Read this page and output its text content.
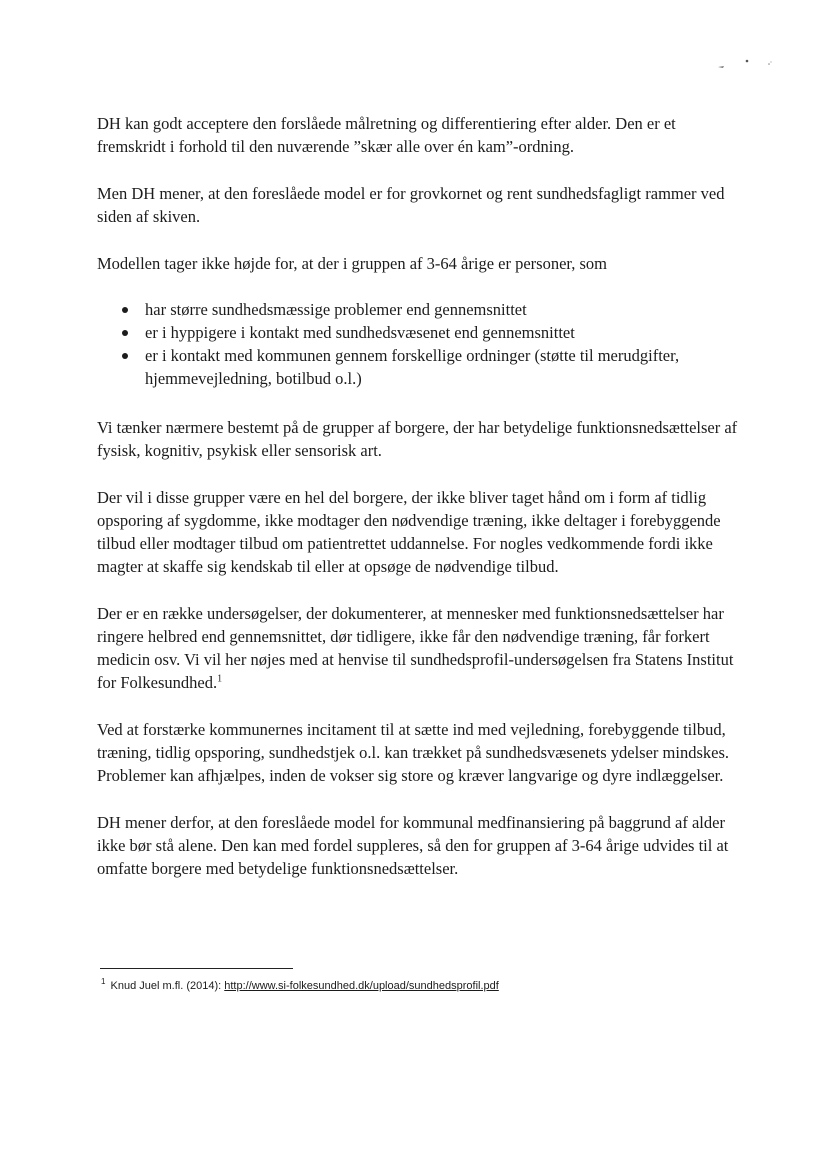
DH kan godt acceptere den forslåede målretning og differentiering efter alder. Den er et fremskridt i forhold til den nuværende ”skær alle over én kam”-ordning.

Men DH mener, at den foreslåede model er for grovkornet og rent sundhedsfagligt rammer ved siden af skiven.

Modellen tager ikke højde for, at der i gruppen af 3-64 årige er personer, som

har større sundhedsmæssige problemer end gennemsnittet
er i hyppigere i kontakt med sundhedsvæsenet end gennemsnittet
er i kontakt med kommunen gennem forskellige ordninger (støtte til merudgifter, hjemmevejledning, botilbud o.l.)

Vi tænker nærmere bestemt på de grupper af borgere, der har betydelige funktionsnedsættelser af fysisk, kognitiv, psykisk eller sensorisk art.

Der vil i disse grupper være en hel del borgere, der ikke bliver taget hånd om i form af tidlig opsporing af sygdomme, ikke modtager den nødvendige træning, ikke deltager i forebyggende tilbud eller modtager tilbud om patientrettet uddannelse. For nogles vedkommende fordi ikke magter at skaffe sig kendskab til eller at opsøge de nødvendige tilbud.

Der er en række undersøgelser, der dokumenterer, at mennesker med funktionsnedsættelser har ringere helbred end gennemsnittet, dør tidligere, ikke får den nødvendige træning, får forkert medicin osv. Vi vil her nøjes med at henvise til sundhedsprofil-undersøgelsen fra Statens Institut for Folkesundhed.$^1$

Ved at forstærke kommunernes incitament til at sætte ind med vejledning, forebyggende tilbud, træning, tidlig opsporing, sundhedstjek o.l. kan trækket på sundhedsvæsenets ydelser mindskes. Problemer kan afhjælpes, inden de vokser sig store og kræver langvarige og dyre indlæggelser.

DH mener derfor, at den foreslåede model for kommunal medfinansiering på baggrund af alder ikke bør stå alene. Den kan med fordel suppleres, så den for gruppen af 3-64 årige udvides til at omfatte borgere med betydelige funktionsnedsættelser.

$^1$ Knud Juel m.fl. (2014): http://www.si-folkesundhed.dk/upload/sundhedsprofil.pdf
